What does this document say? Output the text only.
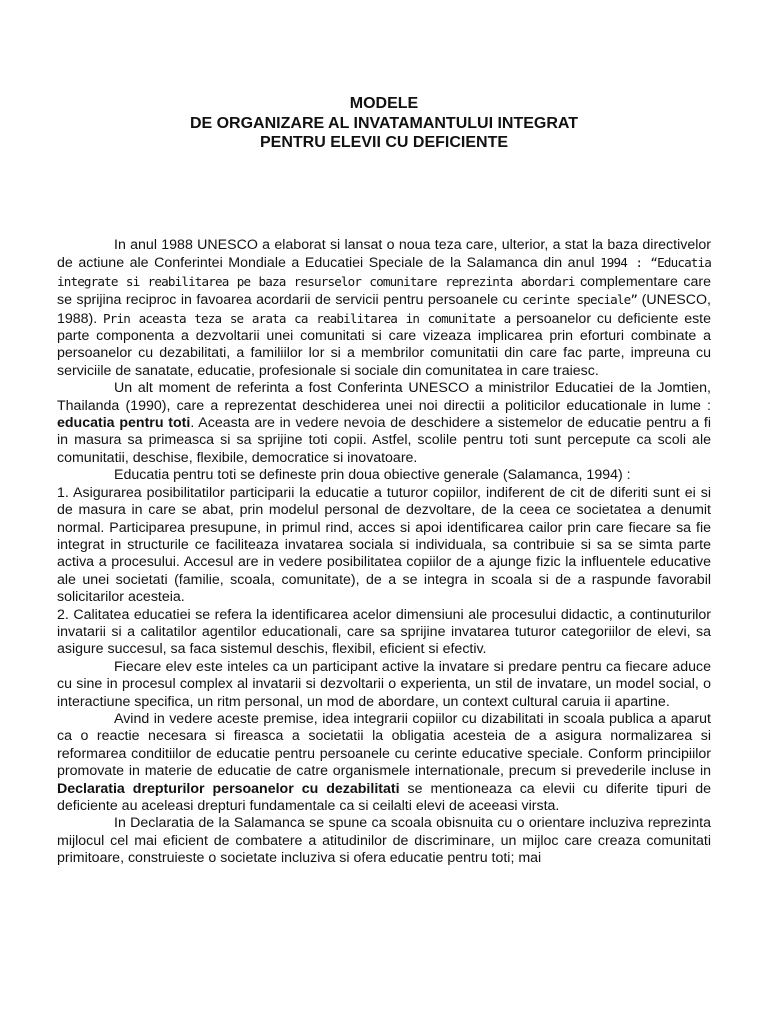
MODELE
DE ORGANIZARE AL INVATAMANTULUI INTEGRAT
PENTRU ELEVII CU DEFICIENTE

In anul 1988 UNESCO a elaborat si lansat o noua teza care, ulterior, a stat la baza directivelor de actiune ale Conferintei Mondiale a Educatiei Speciale de la Salamanca din anul 1994 : “Educatia integrate si reabilitarea pe baza resurselor comunitare reprezinta abordari complementare care se sprijina reciproc in favoarea acordarii de servicii pentru persoanele cu cerinte speciale” (UNESCO, 1988). Prin aceasta teza se arata ca reabilitarea in comunitate a persoanelor cu deficiente este parte componenta a dezvoltarii unei comunitati si care vizeaza implicarea prin eforturi combinate a persoanelor cu dezabilitati, a familiilor lor si a membrilor comunitatii din care fac parte, impreuna cu serviciile de sanatate, educatie, profesionale si sociale din comunitatea in care traiesc.

Un alt moment de referinta a fost Conferinta UNESCO a ministrilor Educatiei de la Jomtien, Thailanda (1990), care a reprezentat deschiderea unei noi directii a politicilor educationale in lume : educatia pentru toti. Aceasta are in vedere nevoia de deschidere a sistemelor de educatie pentru a fi in masura sa primeasca si sa sprijine toti copii. Astfel, scolile pentru toti sunt percepute ca scoli ale comunitatii, deschise, flexibile, democratice si inovatoare.

Educatia pentru toti se defineste prin doua obiective generale (Salamanca, 1994) :

1. Asigurarea posibilitatilor participarii la educatie a tuturor copiilor, indiferent de cit de diferiti sunt ei si de masura in care se abat, prin modelul personal de dezvoltare, de la ceea ce societatea a denumit normal. Participarea presupune, in primul rind, acces si apoi identificarea cailor prin care fiecare sa fie integrat in structurile ce faciliteaza invatarea sociala si individuala, sa contribuie si sa se simta parte activa a procesului. Accesul are in vedere posibilitatea copiilor de a ajunge fizic la influentele educative ale unei societati (familie, scoala, comunitate), de a se integra in scoala si de a raspunde favorabil solicitarilor acesteia.

2. Calitatea educatiei se refera la identificarea acelor dimensiuni ale procesului didactic, a continuturilor invatarii si a calitatilor agentilor educationali, care sa sprijine invatarea tuturor categoriilor de elevi, sa asigure succesul, sa faca sistemul deschis, flexibil, eficient si efectiv.

Fiecare elev este inteles ca un participant active la invatare si predare pentru ca fiecare aduce cu sine in procesul complex al invatarii si dezvoltarii o experienta, un stil de invatare, un model social, o interactiune specifica, un ritm personal, un mod de abordare, un context cultural caruia ii apartine.

Avind in vedere aceste premise, idea integrarii copiilor cu dizabilitati in scoala publica a aparut ca o reactie necesara si fireasca a societatii la obligatia acesteia de a asigura normalizarea si reformarea conditiilor de educatie pentru persoanele cu cerinte educative speciale. Conform principiilor promovate in materie de educatie de catre organismele internationale, precum si prevederile incluse in Declaratia drepturilor persoanelor cu dezabilitati se mentioneaza ca elevii cu diferite tipuri de deficiente au aceleasi drepturi fundamentale ca si ceilalti elevi de aceeasi virsta.

In Declaratia de la Salamanca se spune ca scoala obisnuita cu o orientare incluziva reprezinta mijlocul cel mai eficient de combatere a atitudinilor de discriminare, un mijloc care creaza comunitati primitoare, construieste o societate incluziva si ofera educatie pentru toti; mai
